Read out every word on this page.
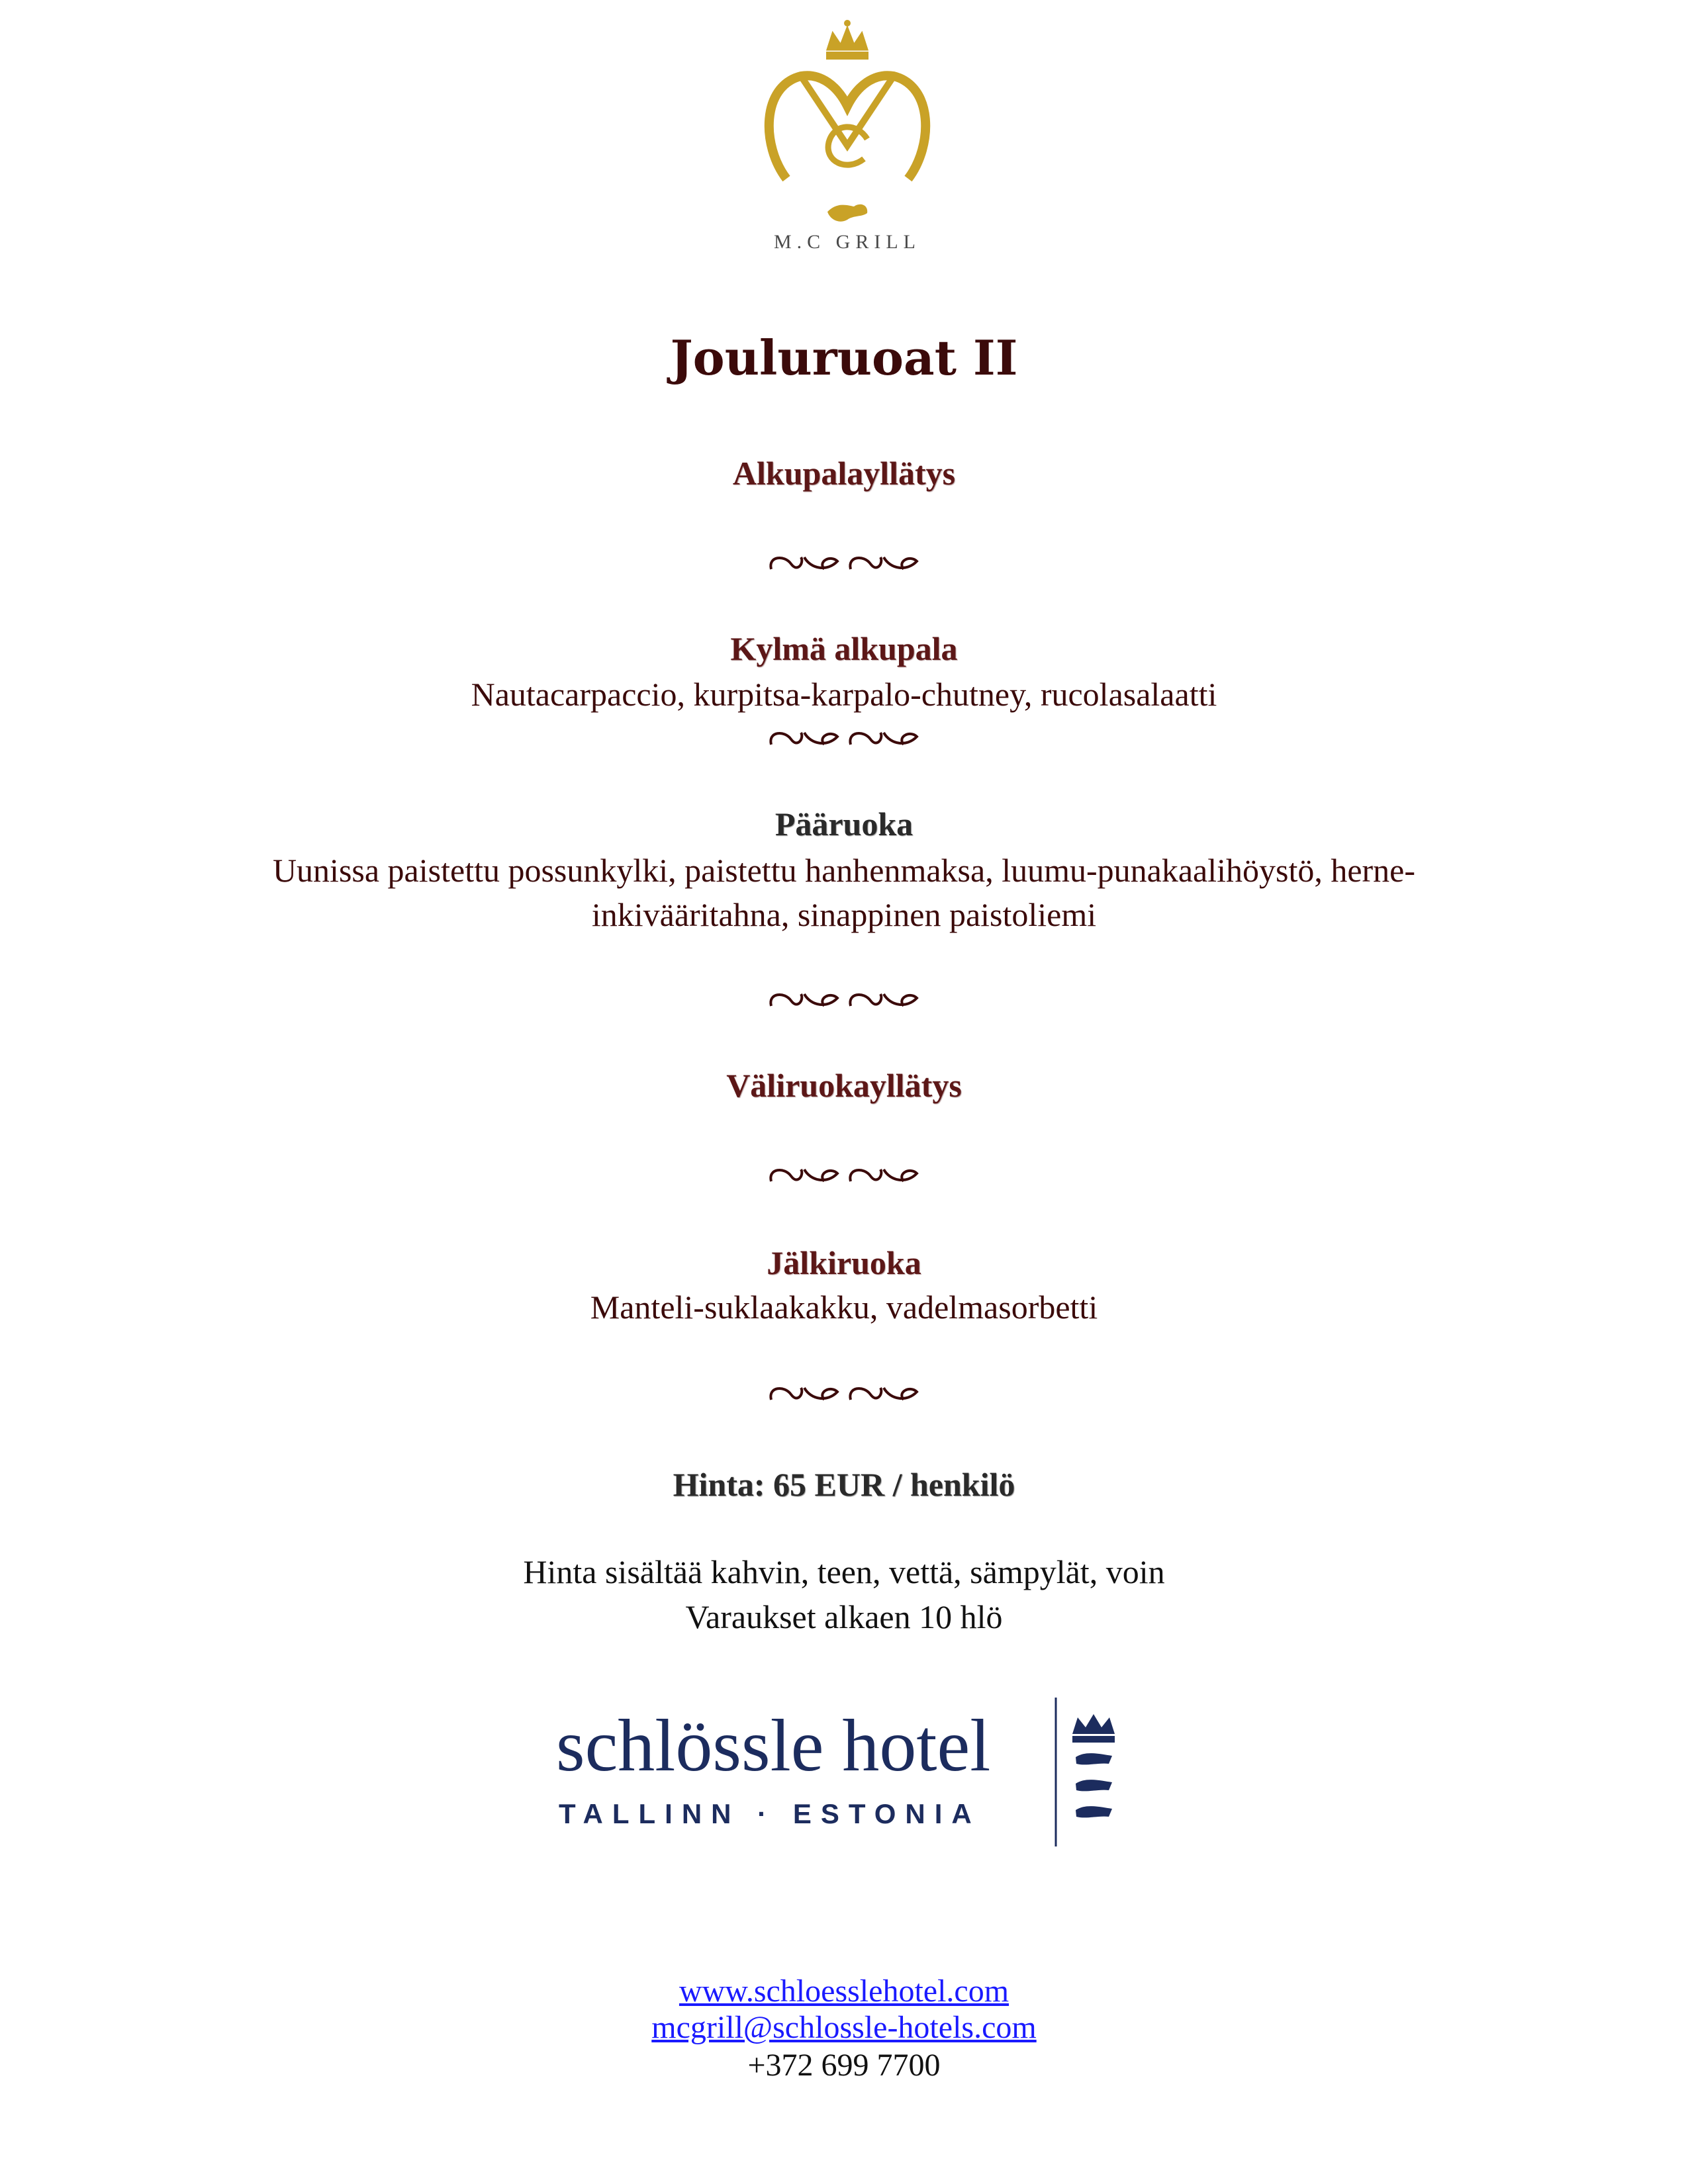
M.C GRILL
Jouluruoat II
Alkupalayllätys
Kylmä alkupala
Nautacarpaccio, kurpitsa-karpalo-chutney, rucolasalaatti
Pääruoka
Uunissa paistettu possunkylki, paistettu hanhenmaksa, luumu-punakaalihöystö, herne-
inkivääritahna, sinappinen paistoliemi
Väliruokayllätys
Jälkiruoka
Manteli-suklaakakku, vadelmasorbetti
Hinta: 65 EUR / henkilö
Hinta sisältää kahvin, teen, vettä, sämpylät, voin
Varaukset alkaen 10 hlö
schlössle hotel
TALLINN · ESTONIA
www.schloesslehotel.com
mcgrill@schlossle-hotels.com
+372 699 7700
